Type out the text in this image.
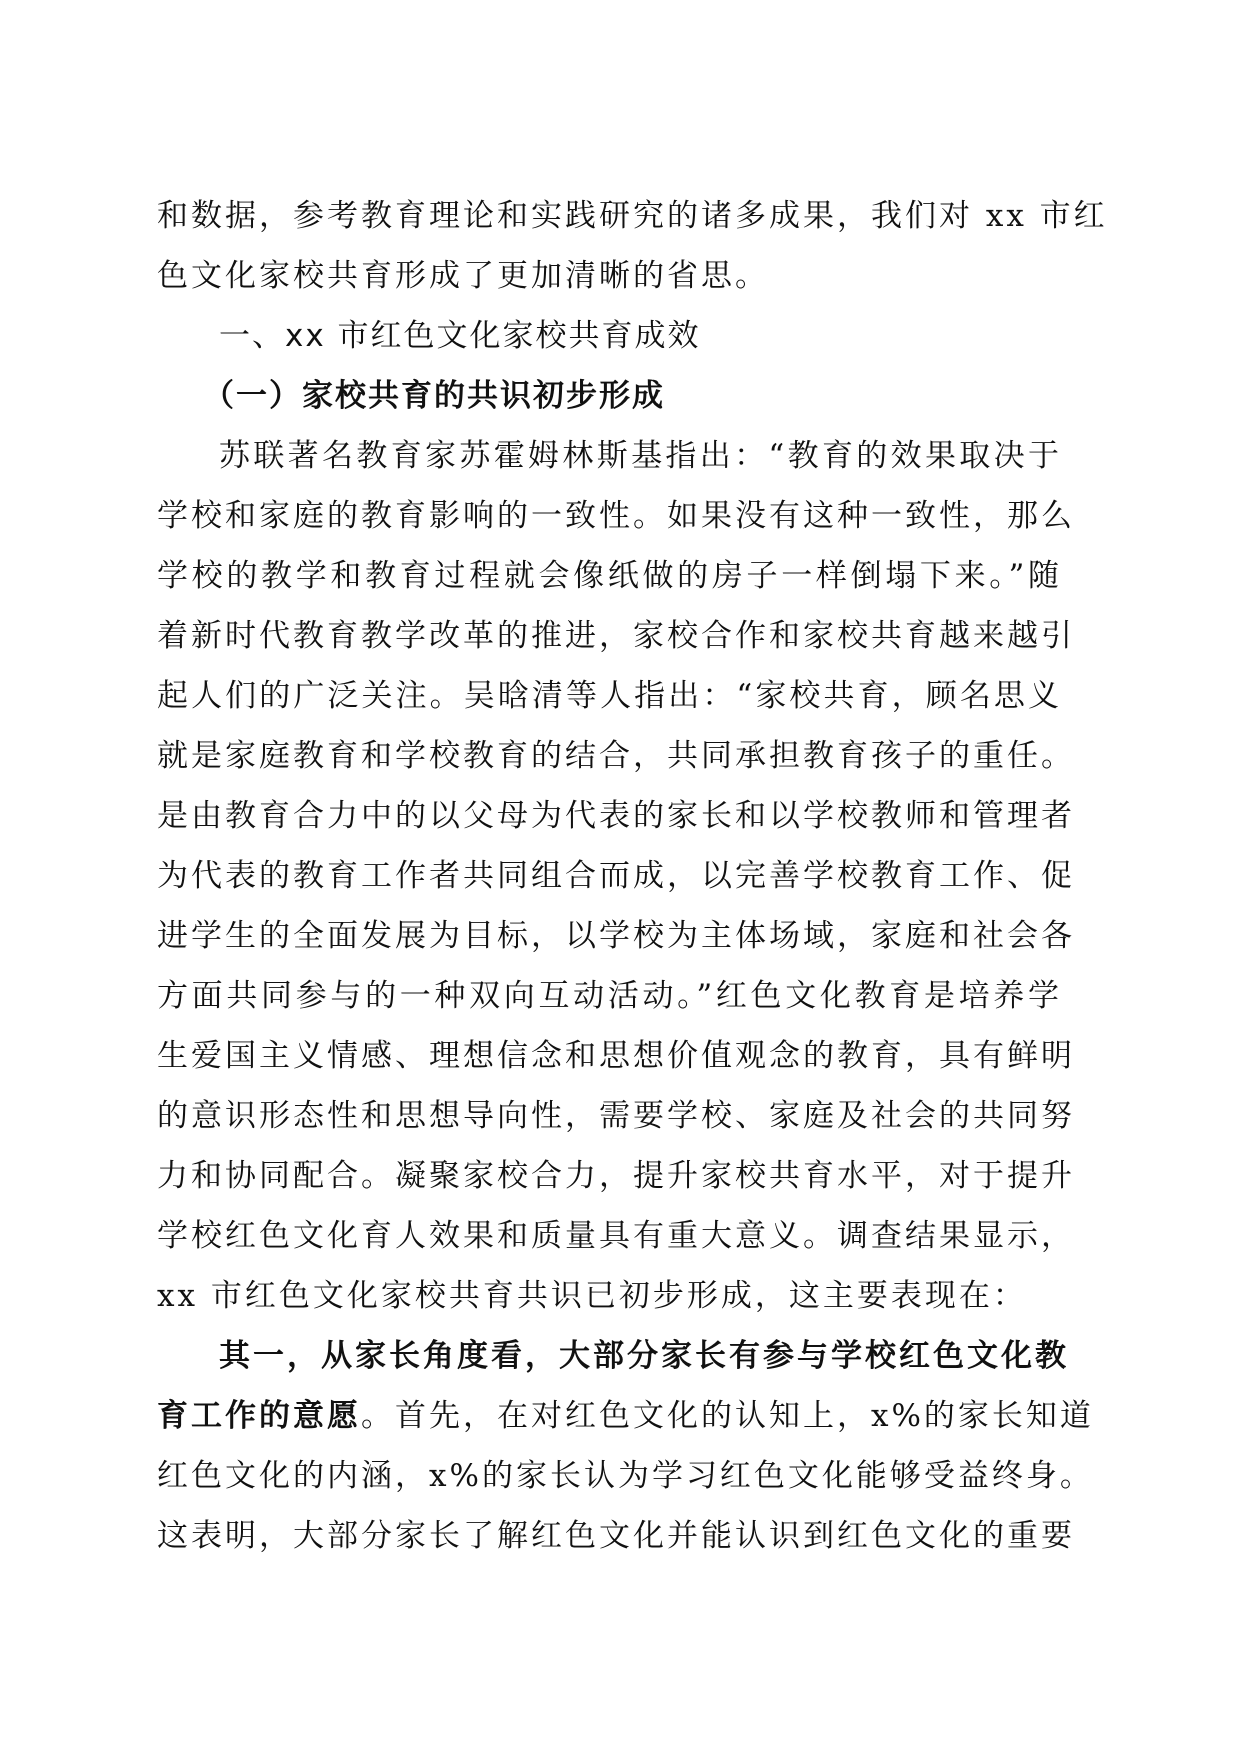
和数据，参考教育理论和实践研究的诸多成果，我们对 xx 市红
色文化家校共育形成了更加清晰的省思。
一、xx 市红色文化家校共育成效
（一）家校共育的共识初步形成
苏联著名教育家苏霍姆林斯基指出：“教育的效果取决于
学校和家庭的教育影响的一致性。如果没有这种一致性，那么
学校的教学和教育过程就会像纸做的房子一样倒塌下来。”随
着新时代教育教学改革的推进，家校合作和家校共育越来越引
起人们的广泛关注。吴晗清等人指出：“家校共育，顾名思义
就是家庭教育和学校教育的结合，共同承担教育孩子的重任。
是由教育合力中的以父母为代表的家长和以学校教师和管理者
为代表的教育工作者共同组合而成，以完善学校教育工作、促
进学生的全面发展为目标，以学校为主体场域，家庭和社会各
方面共同参与的一种双向互动活动。”红色文化教育是培养学
生爱国主义情感、理想信念和思想价值观念的教育，具有鲜明
的意识形态性和思想导向性，需要学校、家庭及社会的共同努
力和协同配合。凝聚家校合力，提升家校共育水平，对于提升
学校红色文化育人效果和质量具有重大意义。调查结果显示，
xx 市红色文化家校共育共识已初步形成，这主要表现在：
其一，从家长角度看，大部分家长有参与学校红色文化教
育工作的意愿。首先，在对红色文化的认知上，x%的家长知道
红色文化的内涵，x%的家长认为学习红色文化能够受益终身。
这表明，大部分家长了解红色文化并能认识到红色文化的重要
